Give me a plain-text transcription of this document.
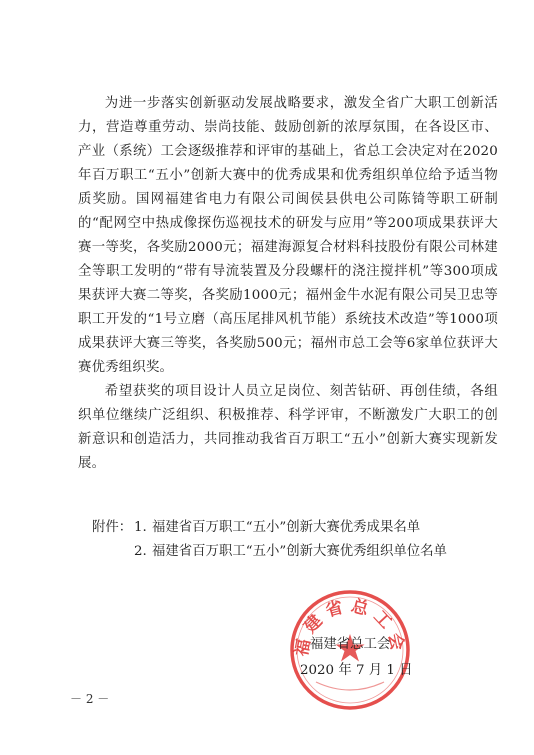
为进一步落实创新驱动发展战略要求，激发全省广大职工创新活力，营造尊重劳动、崇尚技能、鼓励创新的浓厚氛围，在各设区市、产业（系统）工会逐级推荐和评审的基础上，省总工会决定对在2020年百万职工“五小”创新大赛中的优秀成果和优秀组织单位给予适当物质奖励。国网福建省电力有限公司闽侯县供电公司陈锜等职工研制的“配网空中热成像探伤巡视技术的研发与应用”等200项成果获评大赛一等奖，各奖励2000元；福建海源复合材料科技股份有限公司林建全等职工发明的“带有导流装置及分段螺杆的浇注搅拌机”等300项成果获评大赛二等奖，各奖励1000元；福州金牛水泥有限公司吴卫忠等职工开发的“1号立磨（高压尾排风机节能）系统技术改造”等1000项成果获评大赛三等奖，各奖励500元；福州市总工会等6家单位获评大赛优秀组织奖。

希望获奖的项目设计人员立足岗位、刻苦钻研、再创佳绩，各组织单位继续广泛组织、积极推荐、科学评审，不断激发广大职工的创新意识和创造活力，共同推动我省百万职工“五小”创新大赛实现新发展。

附件： 1. 福建省百万职工“五小”创新大赛优秀成果名单
2. 福建省百万职工“五小”创新大赛优秀组织单位名单
福建省总工会
福建省总工会
2020 年 7 月 1 日
－ 2 －
